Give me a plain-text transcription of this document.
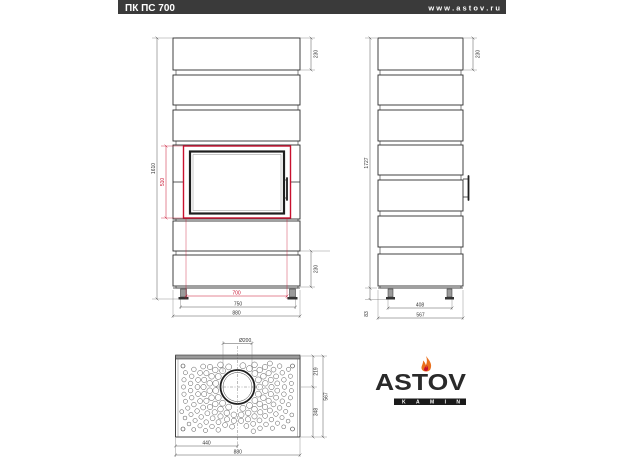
ПК ПС 700	w w w . a s t o v . r u
1610
510
230
230
700
750
880
1727
83
230
408
567
Ø200
219
348
567
440
880
ASTOV
KAMIN
